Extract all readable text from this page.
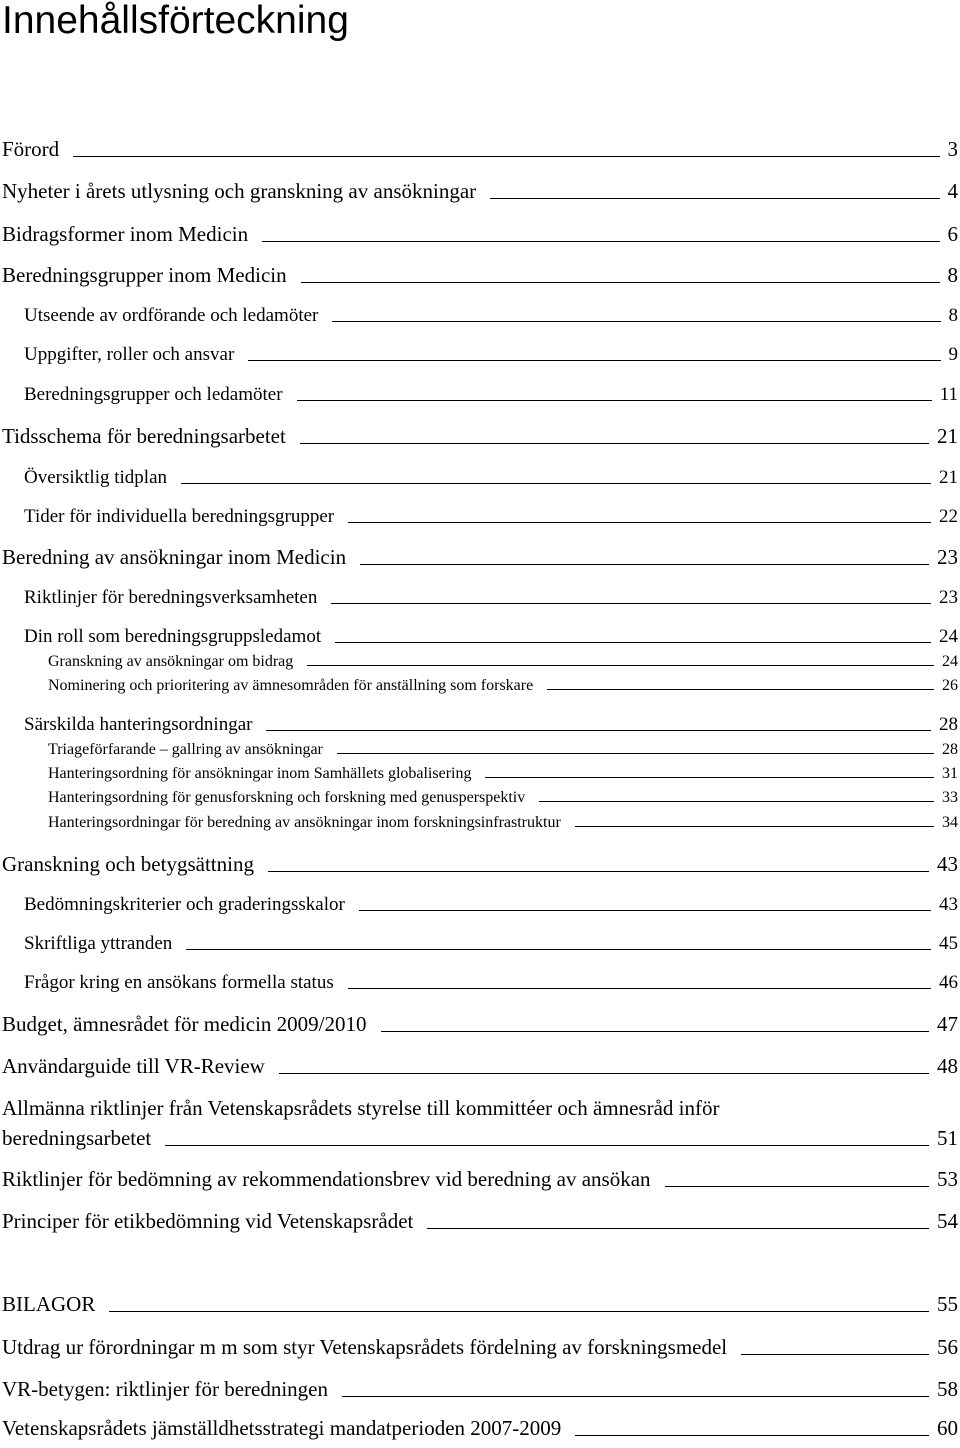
Innehållsförteckning
Förord	3
Nyheter i årets utlysning och granskning av ansökningar	4
Bidragsformer inom Medicin	6
Beredningsgrupper inom Medicin	8
Utseende av ordförande och ledamöter	8
Uppgifter, roller och ansvar	9
Beredningsgrupper och ledamöter	11
Tidsschema för beredningsarbetet	21
Översiktlig tidplan	21
Tider för individuella beredningsgrupper	22
Beredning av ansökningar inom Medicin	23
Riktlinjer för beredningsverksamheten	23
Din roll som beredningsgruppsledamot	24
Granskning av ansökningar om bidrag	24
Nominering och prioritering av ämnesområden för anställning som forskare	26
Särskilda hanteringsordningar	28
Triageförfarande – gallring av ansökningar	28
Hanteringsordning för ansökningar inom Samhällets globalisering	31
Hanteringsordning för genusforskning och forskning med genusperspektiv	33
Hanteringsordningar för beredning av ansökningar inom forskningsinfrastruktur	34
Granskning och betygsättning	43
Bedömningskriterier och graderingsskalor	43
Skriftliga yttranden	45
Frågor kring en ansökans formella status	46
Budget, ämnesrådet för medicin 2009/2010	47
Användarguide till VR-Review	48
Allmänna riktlinjer från Vetenskapsrådets styrelse till kommittéer och ämnesråd inför
beredningsarbetet	51
Riktlinjer för bedömning av rekommendationsbrev vid beredning av ansökan	53
Principer för etikbedömning vid Vetenskapsrådet	54
BILAGOR	55
Utdrag ur förordningar m m som styr Vetenskapsrådets fördelning av forskningsmedel	56
VR-betygen: riktlinjer för beredningen	58
Vetenskapsrådets jämställdhetsstrategi mandatperioden 2007-2009	60
